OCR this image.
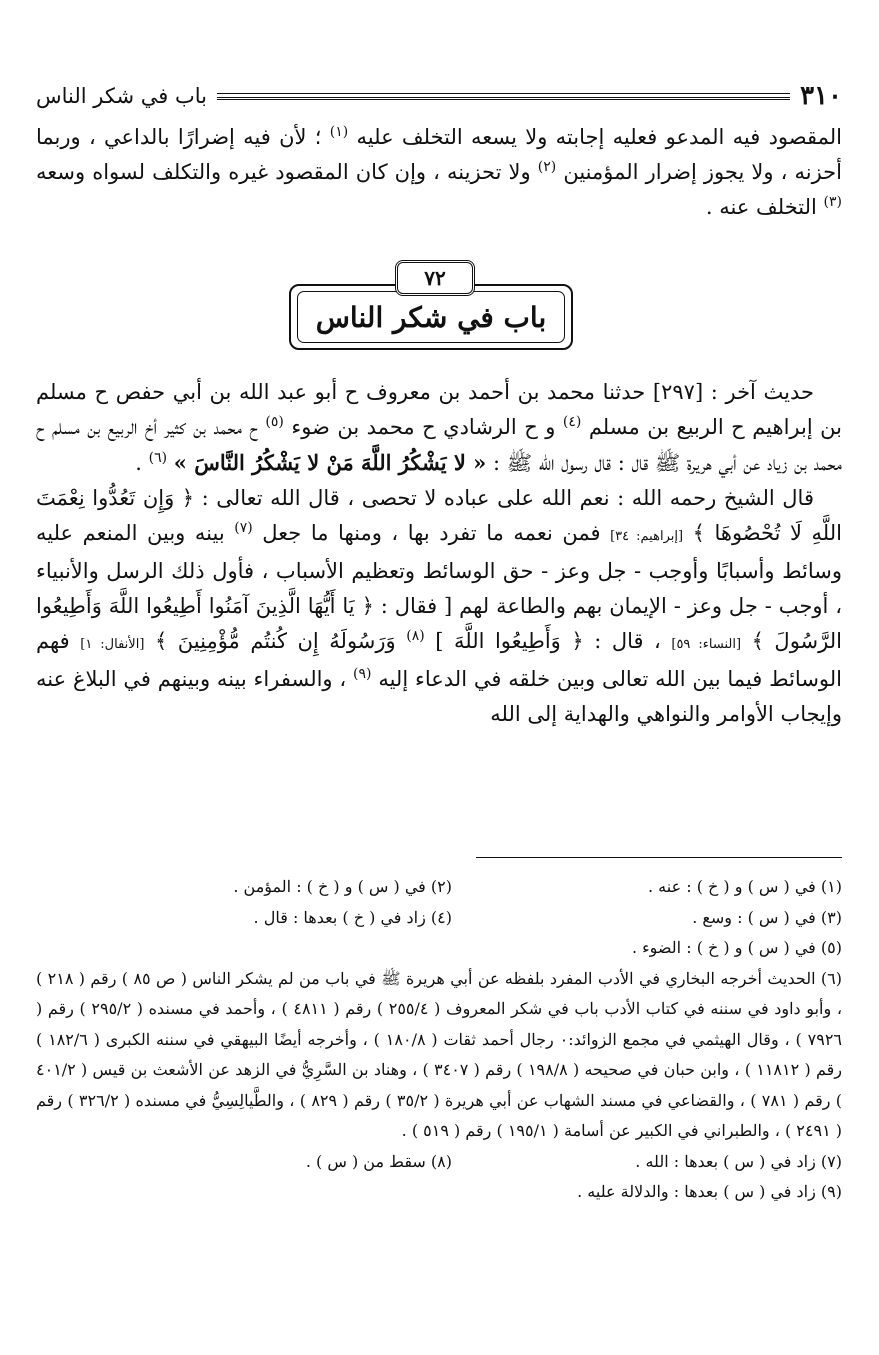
٣١٠
باب في شكر الناس

المقصود فيه المدعو فعليه إجابته ولا يسعه التخلف عليه $^{(١)}$ ؛ لأن فيه إضرارًا بالداعي ، وربما أحزنه ، ولا يجوز إضرار المؤمنين $^{(٢)}$ ولا تحزينه ، وإن كان المقصود غيره والتكلف لسواه وسعه $^{(٣)}$ التخلف عنه .

باب في شكر الناس
٧٢

حديث آخر : [٢٩٧] حدثنا محمد بن أحمد بن معروف ح أبو عبد الله بن أبي حفص ح مسلم بن إبراهيم ح الربيع بن مسلم $^{(٤)}$ و ح الرشادي ح محمد بن ضوء $^{(٥)}$ ح محمد بن كثير أخ الربيع بن مسلم ح محمد بن زياد عن أبي هريرة ﷺ قال : قال رسول الله ﷺ : « لا يَشْكُرُ اللَّهَ مَنْ لا يَشْكُرُ النَّاسَ » $^{(٦)}$ .

قال الشيخ رحمه الله : نعم الله على عباده لا تحصى ، قال الله تعالى : ﴿ وَإِن تَعُدُّوا نِعْمَتَ اللَّهِ لَا تُحْصُوهَا ﴾ [إبراهيم: ٣٤] فمن نعمه ما تفرد بها ، ومنها ما جعل $^{(٧)}$ بينه وبين المنعم عليه وسائط وأسبابًا وأوجب - جل وعز - حق الوسائط وتعظيم الأسباب ، فأول ذلك الرسل والأنبياء ، أوجب - جل وعز - الإيمان بهم والطاعة لهم [ فقال : ﴿ يَا أَيُّهَا الَّذِينَ آمَنُوا أَطِيعُوا اللَّهَ وَأَطِيعُوا الرَّسُولَ ﴾ [النساء: ٥٩] ، قال : ﴿ وَأَطِيعُوا اللَّهَ ] $^{(٨)}$ وَرَسُولَهُ إِن كُنتُم مُّؤْمِنِينَ ﴾ [الأنفال: ١] فهم الوسائط فيما بين الله تعالى وبين خلقه في الدعاء إليه $^{(٩)}$ ، والسفراء بينه وبينهم في البلاغ عنه وإيجاب الأوامر والنواهي والهداية إلى الله

(١) في ( س ) و ( خ ) : عنه .
(٢) في ( س ) و ( خ ) : المؤمن .
(٣) في ( س ) : وسع .
(٤) زاد في ( خ ) بعدها : قال .
(٥) في ( س ) و ( خ ) : الضوء .
(٦) الحديث أخرجه البخاري في الأدب المفرد بلفظه عن أبي هريرة ﷺ في باب من لم يشكر الناس ( ص ٨٥ ) رقم ( ٢١٨ ) ، وأبو داود في سننه في كتاب الأدب باب في شكر المعروف ( ٢٥٥/٤ ) رقم ( ٤٨١١ ) ، وأحمد في مسنده ( ٢٩٥/٢ ) رقم ( ٧٩٢٦ ) ، وقال الهيثمي في مجمع الزوائد:٠ رجال أحمد ثقات ( ١٨٠/٨ ) ، وأخرجه أيضًا البيهقي في سننه الكبرى ( ١٨٢/٦ ) رقم ( ١١٨١٢ ) ، وابن حبان في صحيحه ( ١٩٨/٨ ) رقم ( ٣٤٠٧ ) ، وهناد بن السَّرِيُّ في الزهد عن الأشعث بن قيس ( ٤٠١/٢ ) رقم ( ٧٨١ ) ، والقضاعي في مسند الشهاب عن أبي هريرة ( ٣٥/٢ ) رقم ( ٨٢٩ ) ، والطَّيالِسِيُّ في مسنده ( ٣٢٦/٢ ) رقم ( ٢٤٩١ ) ، والطبراني في الكبير عن أسامة ( ١٩٥/١ ) رقم ( ٥١٩ ) .
(٧) زاد في ( س ) بعدها : الله .
(٨) سقط من ( س ) .
(٩) زاد في ( س ) بعدها : والدلالة عليه .
